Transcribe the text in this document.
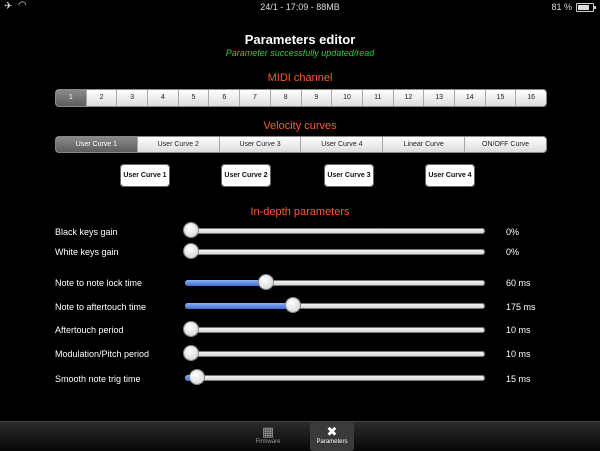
✈ ◠	24/1 - 17:09 - 88MB	81 %
Parameters editor
Parameter successfully updated/read
MIDI channel
1	2	3	4	5	6	7	8	9	10	11	12	13	14	15	16
Velocity curves
User Curve 1	User Curve 2	User Curve 3	User Curve 4	Linear Curve	ON/OFF Curve
User Curve 1	User Curve 2	User Curve 3	User Curve 4
In-depth parameters
Black keys gain	0%
White keys gain	0%
Note to note lock time	60 ms
Note to aftertouch time	175 ms
Aftertouch period	10 ms
Modulation/Pitch period	10 ms
Smooth note trig time	15 ms
▦
Firmware
✖
Parameters
